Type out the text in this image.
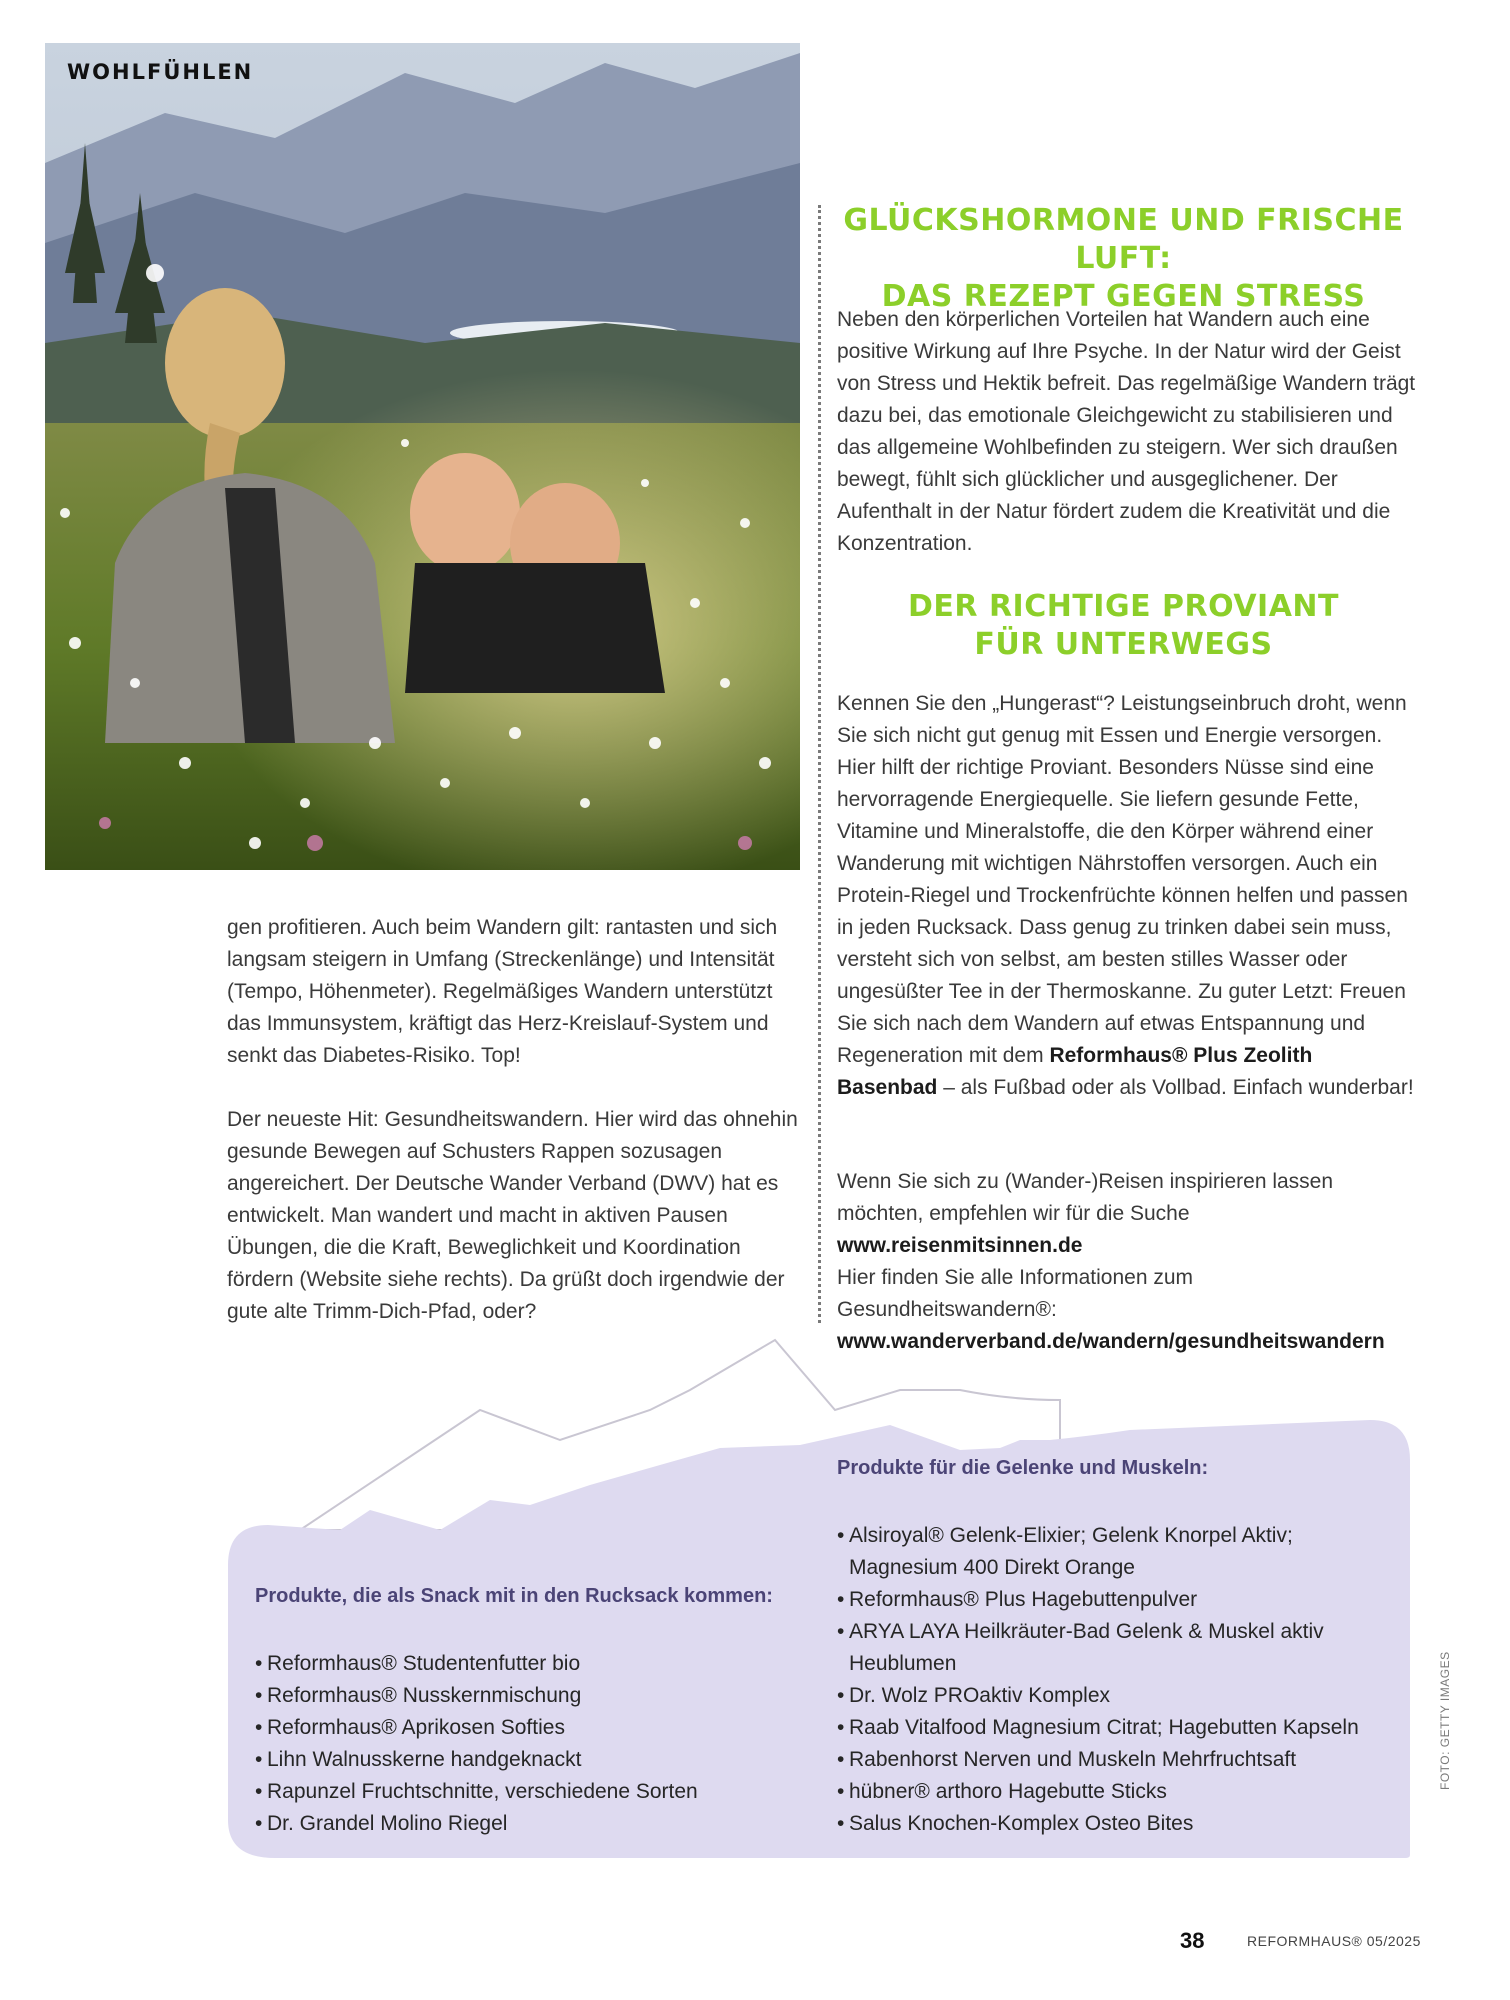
WOHLFÜHLEN

gen profitieren. Auch beim Wandern gilt: rantasten und sich langsam steigern in Umfang (Streckenlänge) und Intensität (Tempo, Höhenmeter). Regelmäßiges Wandern unterstützt das Immunsystem, kräftigt das Herz-Kreislauf-System und senkt das Diabetes-Risiko. Top!

Der neueste Hit: Gesundheitswandern. Hier wird das ohnehin gesunde Bewegen auf Schusters Rappen sozusagen angereichert. Der Deutsche Wander Verband (DWV) hat es entwickelt. Man wandert und macht in aktiven Pausen Übungen, die die Kraft, Beweglichkeit und Koordination fördern (Website siehe rechts). Da grüßt doch irgendwie der gute alte Trimm-Dich-Pfad, oder?

GLÜCKSHORMONE UND FRISCHE LUFT:
DAS REZEPT GEGEN STRESS

Neben den körperlichen Vorteilen hat Wandern auch eine positive Wirkung auf Ihre Psyche. In der Natur wird der Geist von Stress und Hektik befreit. Das regelmäßige Wandern trägt dazu bei, das emotionale Gleichgewicht zu stabilisieren und das allgemeine Wohlbefinden zu steigern. Wer sich draußen bewegt, fühlt sich glücklicher und ausgeglichener. Der Aufenthalt in der Natur fördert zudem die Kreativität und die Konzentration.

DER RICHTIGE PROVIANT
FÜR UNTERWEGS

Kennen Sie den „Hungerast“? Leistungseinbruch droht, wenn Sie sich nicht gut genug mit Essen und Energie versorgen. Hier hilft der richtige Proviant. Besonders Nüsse sind eine hervorragende Energiequelle. Sie liefern gesunde Fette, Vitamine und Mineralstoffe, die den Körper während einer Wanderung mit wichtigen Nährstoffen versorgen. Auch ein Protein-Riegel und Trockenfrüchte können helfen und passen in jeden Rucksack. Dass genug zu trinken dabei sein muss, versteht sich von selbst, am besten stilles Wasser oder ungesüßter Tee in der Thermoskanne. Zu guter Letzt: Freuen Sie sich nach dem Wandern auf etwas Entspannung und Regeneration mit dem Reformhaus® Plus Zeolith Basenbad – als Fußbad oder als Vollbad. Einfach wunderbar!

Wenn Sie sich zu (Wander-)Reisen inspirieren lassen möchten, empfehlen wir für die Suche

www.reisenmitsinnen.de

Hier finden Sie alle Informationen zum Gesundheitswandern®:

www.wanderverband.de/wandern/gesundheitswandern

Produkte, die als Snack mit in den Rucksack kommen:
• Reformhaus® Studentenfutter bio
• Reformhaus® Nusskernmischung
• Reformhaus® Aprikosen Softies
• Lihn Walnusskerne handgeknackt
• Rapunzel Fruchtschnitte, verschiedene Sorten
• Dr. Grandel Molino Riegel
Produkte für die Gelenke und Muskeln:
• Alsiroyal® Gelenk-Elixier; Gelenk Knorpel Aktiv; Magnesium 400 Direkt Orange
• Reformhaus® Plus Hagebuttenpulver
• ARYA LAYA Heilkräuter-Bad Gelenk & Muskel aktiv Heublumen
• Dr. Wolz PROaktiv Komplex
• Raab Vitalfood Magnesium Citrat; Hagebutten Kapseln
• Rabenhorst Nerven und Muskeln Mehrfruchtsaft
• hübner® arthoro Hagebutte Sticks
• Salus Knochen-Komplex Osteo Bites
FOTO: GETTY IMAGES
38	REFORMHAUS® 05/2025
